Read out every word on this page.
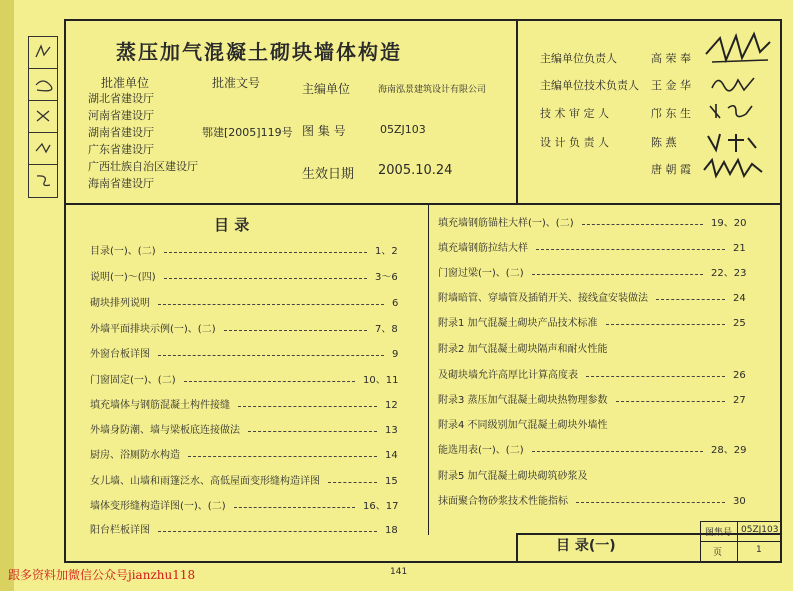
蒸压加气混凝土砌块墙体构造
批准单位	批准文号
湖北省建设厅
河南省建设厅
湖南省建设厅
广东省建设厅
广西壮族自治区建设厅
海南省建设厅
鄂建[2005]119号
主编单位	海南泓景建筑设计有限公司
图 集 号	05ZJ103
生效日期 2005.10.24
主编单位负责人	高 荣 奉
主编单位技术负责人 王 金 华
技 术 审 定 人	邝 东 生
设 计 负 责 人	陈 燕
唐 朝 霞
目 录
目录(一)、(二)	1、2
说明(一)～(四)	3～6
砌块排列说明	6
外墙平面排块示例(一)、(二)	7、8
外窗台板详图	9
门窗固定(一)、(二)	10、11
填充墙体与钢筋混凝土构件接缝	12
外墙身防潮、墙与梁板底连接做法	13
厨房、浴厕防水构造	14
女儿墙、山墙和雨篷泛水、高低屋面变形缝构造详图	15
墙体变形缝构造详图(一)、(二)	16、17
阳台栏板详图	18
填充墙钢筋锚柱大样(一)、(二)	19、20
填充墙钢筋拉结大样	21
门窗过梁(一)、(二)	22、23
附墙暗管、穿墙管及插销开关、接线盒安装做法	24
附录1 加气混凝土砌块产品技术标准	25
附录2 加气混凝土砌块隔声和耐火性能
及砌块墙允许高厚比计算高度表	26
附录3 蒸压加气混凝土砌块热物理参数	27
附录4 不同级别加气混凝土砌块外墙性
能选用表(一)、(二)	28、29
附录5 加气混凝土砌块砌筑砂浆及
抹面聚合物砂浆技术性能指标	30
目 录(一)
图集号 05ZJ103
页	1
141
跟多资料加微信公众号jianzhu118
